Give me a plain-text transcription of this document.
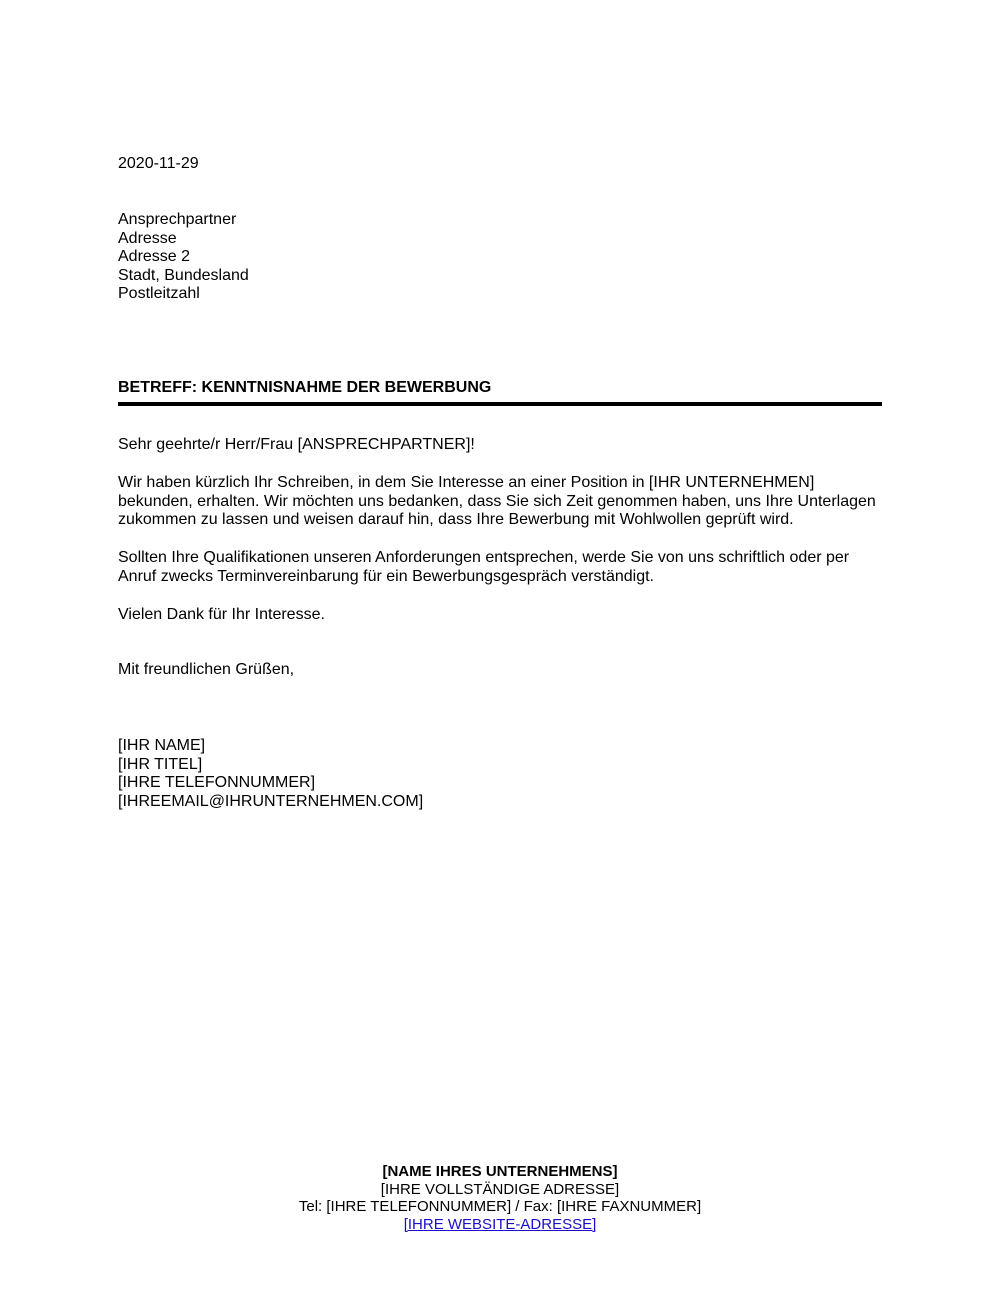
2020-11-29
Ansprechpartner
Adresse
Adresse 2
Stadt, Bundesland
Postleitzahl
BETREFF: KENNTNISNAHME DER BEWERBUNG
Sehr geehrte/r Herr/Frau [ANSPRECHPARTNER]!
Wir haben kürzlich Ihr Schreiben, in dem Sie Interesse an einer Position in [IHR UNTERNEHMEN]
bekunden, erhalten. Wir möchten uns bedanken, dass Sie sich Zeit genommen haben, uns Ihre Unterlagen
zukommen zu lassen und weisen darauf hin, dass Ihre Bewerbung mit Wohlwollen geprüft wird.
Sollten Ihre Qualifikationen unseren Anforderungen entsprechen, werde Sie von uns schriftlich oder per
Anruf zwecks Terminvereinbarung für ein Bewerbungsgespräch verständigt.
Vielen Dank für Ihr Interesse.
Mit freundlichen Grüßen,
[IHR NAME]
[IHR TITEL]
[IHRE TELEFONNUMMER]
[IHREEMAIL@IHRUNTERNEHMEN.COM]
[NAME IHRES UNTERNEHMENS]
[IHRE VOLLSTÄNDIGE ADRESSE]
Tel: [IHRE TELEFONNUMMER] / Fax: [IHRE FAXNUMMER]
[IHRE WEBSITE-ADRESSE]
